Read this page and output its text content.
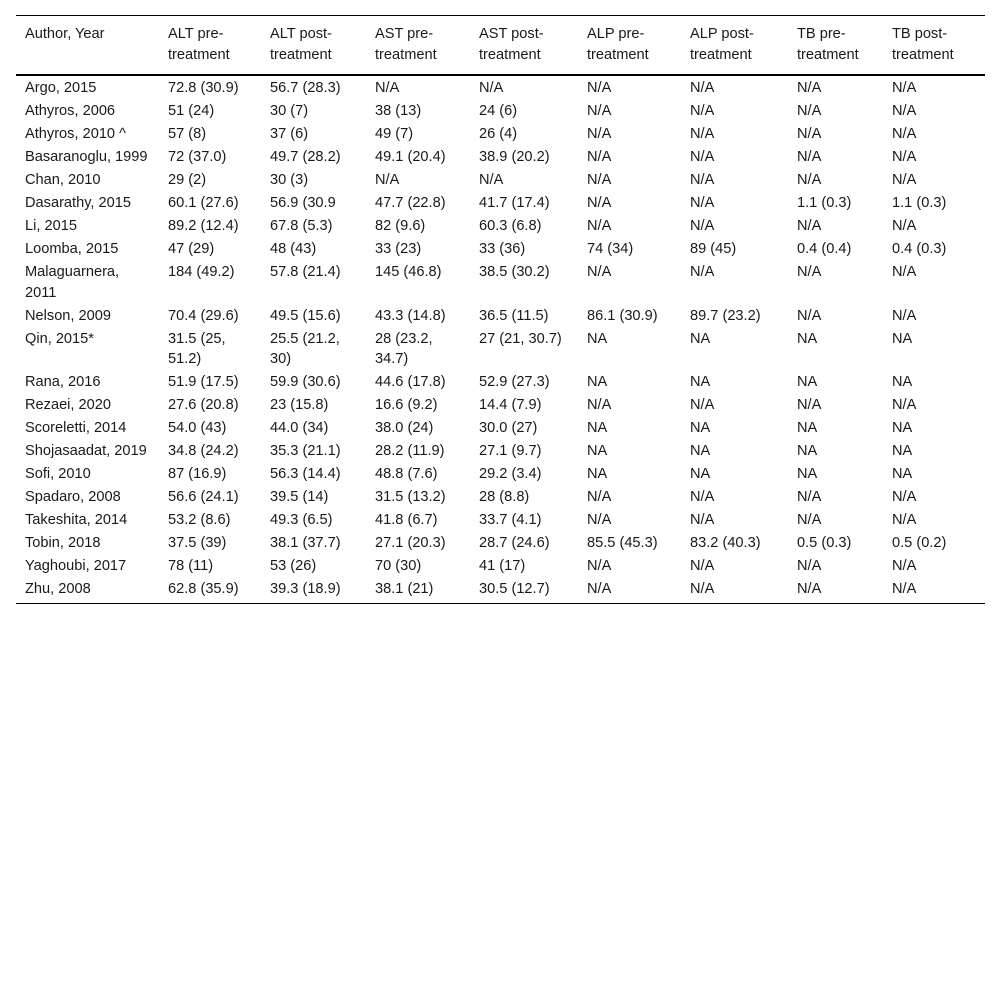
Author, Year	ALT pre-treatment	ALT post-treatment	AST pre-treatment	AST post-treatment	ALP pre-treatment	ALP post-treatment	TB pre-treatment	TB post-treatment
Argo, 2015	72.8 (30.9)	56.7 (28.3)	N/A	N/A	N/A	N/A	N/A	N/A
Athyros, 2006	51 (24)	30 (7)	38 (13)	24 (6)	N/A	N/A	N/A	N/A
Athyros, 2010 ^	57 (8)	37 (6)	49 (7)	26 (4)	N/A	N/A	N/A	N/A
Basaranoglu, 1999	72 (37.0)	49.7 (28.2)	49.1 (20.4)	38.9 (20.2)	N/A	N/A	N/A	N/A
Chan, 2010	29 (2)	30 (3)	N/A	N/A	N/A	N/A	N/A	N/A
Dasarathy, 2015	60.1 (27.6)	56.9 (30.9	47.7 (22.8)	41.7 (17.4)	N/A	N/A	1.1 (0.3)	1.1 (0.3)
Li, 2015	89.2 (12.4)	67.8 (5.3)	82 (9.6)	60.3 (6.8)	N/A	N/A	N/A	N/A
Loomba, 2015	47 (29)	48 (43)	33 (23)	33 (36)	74 (34)	89 (45)	0.4 (0.4)	0.4 (0.3)
Malaguarnera, 2011	184 (49.2)	57.8 (21.4)	145 (46.8)	38.5 (30.2)	N/A	N/A	N/A	N/A
Nelson, 2009	70.4 (29.6)	49.5 (15.6)	43.3 (14.8)	36.5 (11.5)	86.1 (30.9)	89.7 (23.2)	N/A	N/A
Qin, 2015*	31.5 (25, 51.2)	25.5 (21.2, 30)	28 (23.2, 34.7)	27 (21, 30.7)	NA	NA	NA	NA
Rana, 2016	51.9 (17.5)	59.9 (30.6)	44.6 (17.8)	52.9 (27.3)	NA	NA	NA	NA
Rezaei, 2020	27.6 (20.8)	23 (15.8)	16.6 (9.2)	14.4 (7.9)	N/A	N/A	N/A	N/A
Scoreletti, 2014	54.0 (43)	44.0 (34)	38.0 (24)	30.0 (27)	NA	NA	NA	NA
Shojasaadat, 2019	34.8 (24.2)	35.3 (21.1)	28.2 (11.9)	27.1 (9.7)	NA	NA	NA	NA
Sofi, 2010	87 (16.9)	56.3 (14.4)	48.8 (7.6)	29.2 (3.4)	NA	NA	NA	NA
Spadaro, 2008	56.6 (24.1)	39.5 (14)	31.5 (13.2)	28 (8.8)	N/A	N/A	N/A	N/A
Takeshita, 2014	53.2 (8.6)	49.3 (6.5)	41.8 (6.7)	33.7 (4.1)	N/A	N/A	N/A	N/A
Tobin, 2018	37.5 (39)	38.1 (37.7)	27.1 (20.3)	28.7 (24.6)	85.5 (45.3)	83.2 (40.3)	0.5 (0.3)	0.5 (0.2)
Yaghoubi, 2017	78 (11)	53 (26)	70 (30)	41 (17)	N/A	N/A	N/A	N/A
Zhu, 2008	62.8 (35.9)	39.3 (18.9)	38.1 (21)	30.5 (12.7)	N/A	N/A	N/A	N/A
